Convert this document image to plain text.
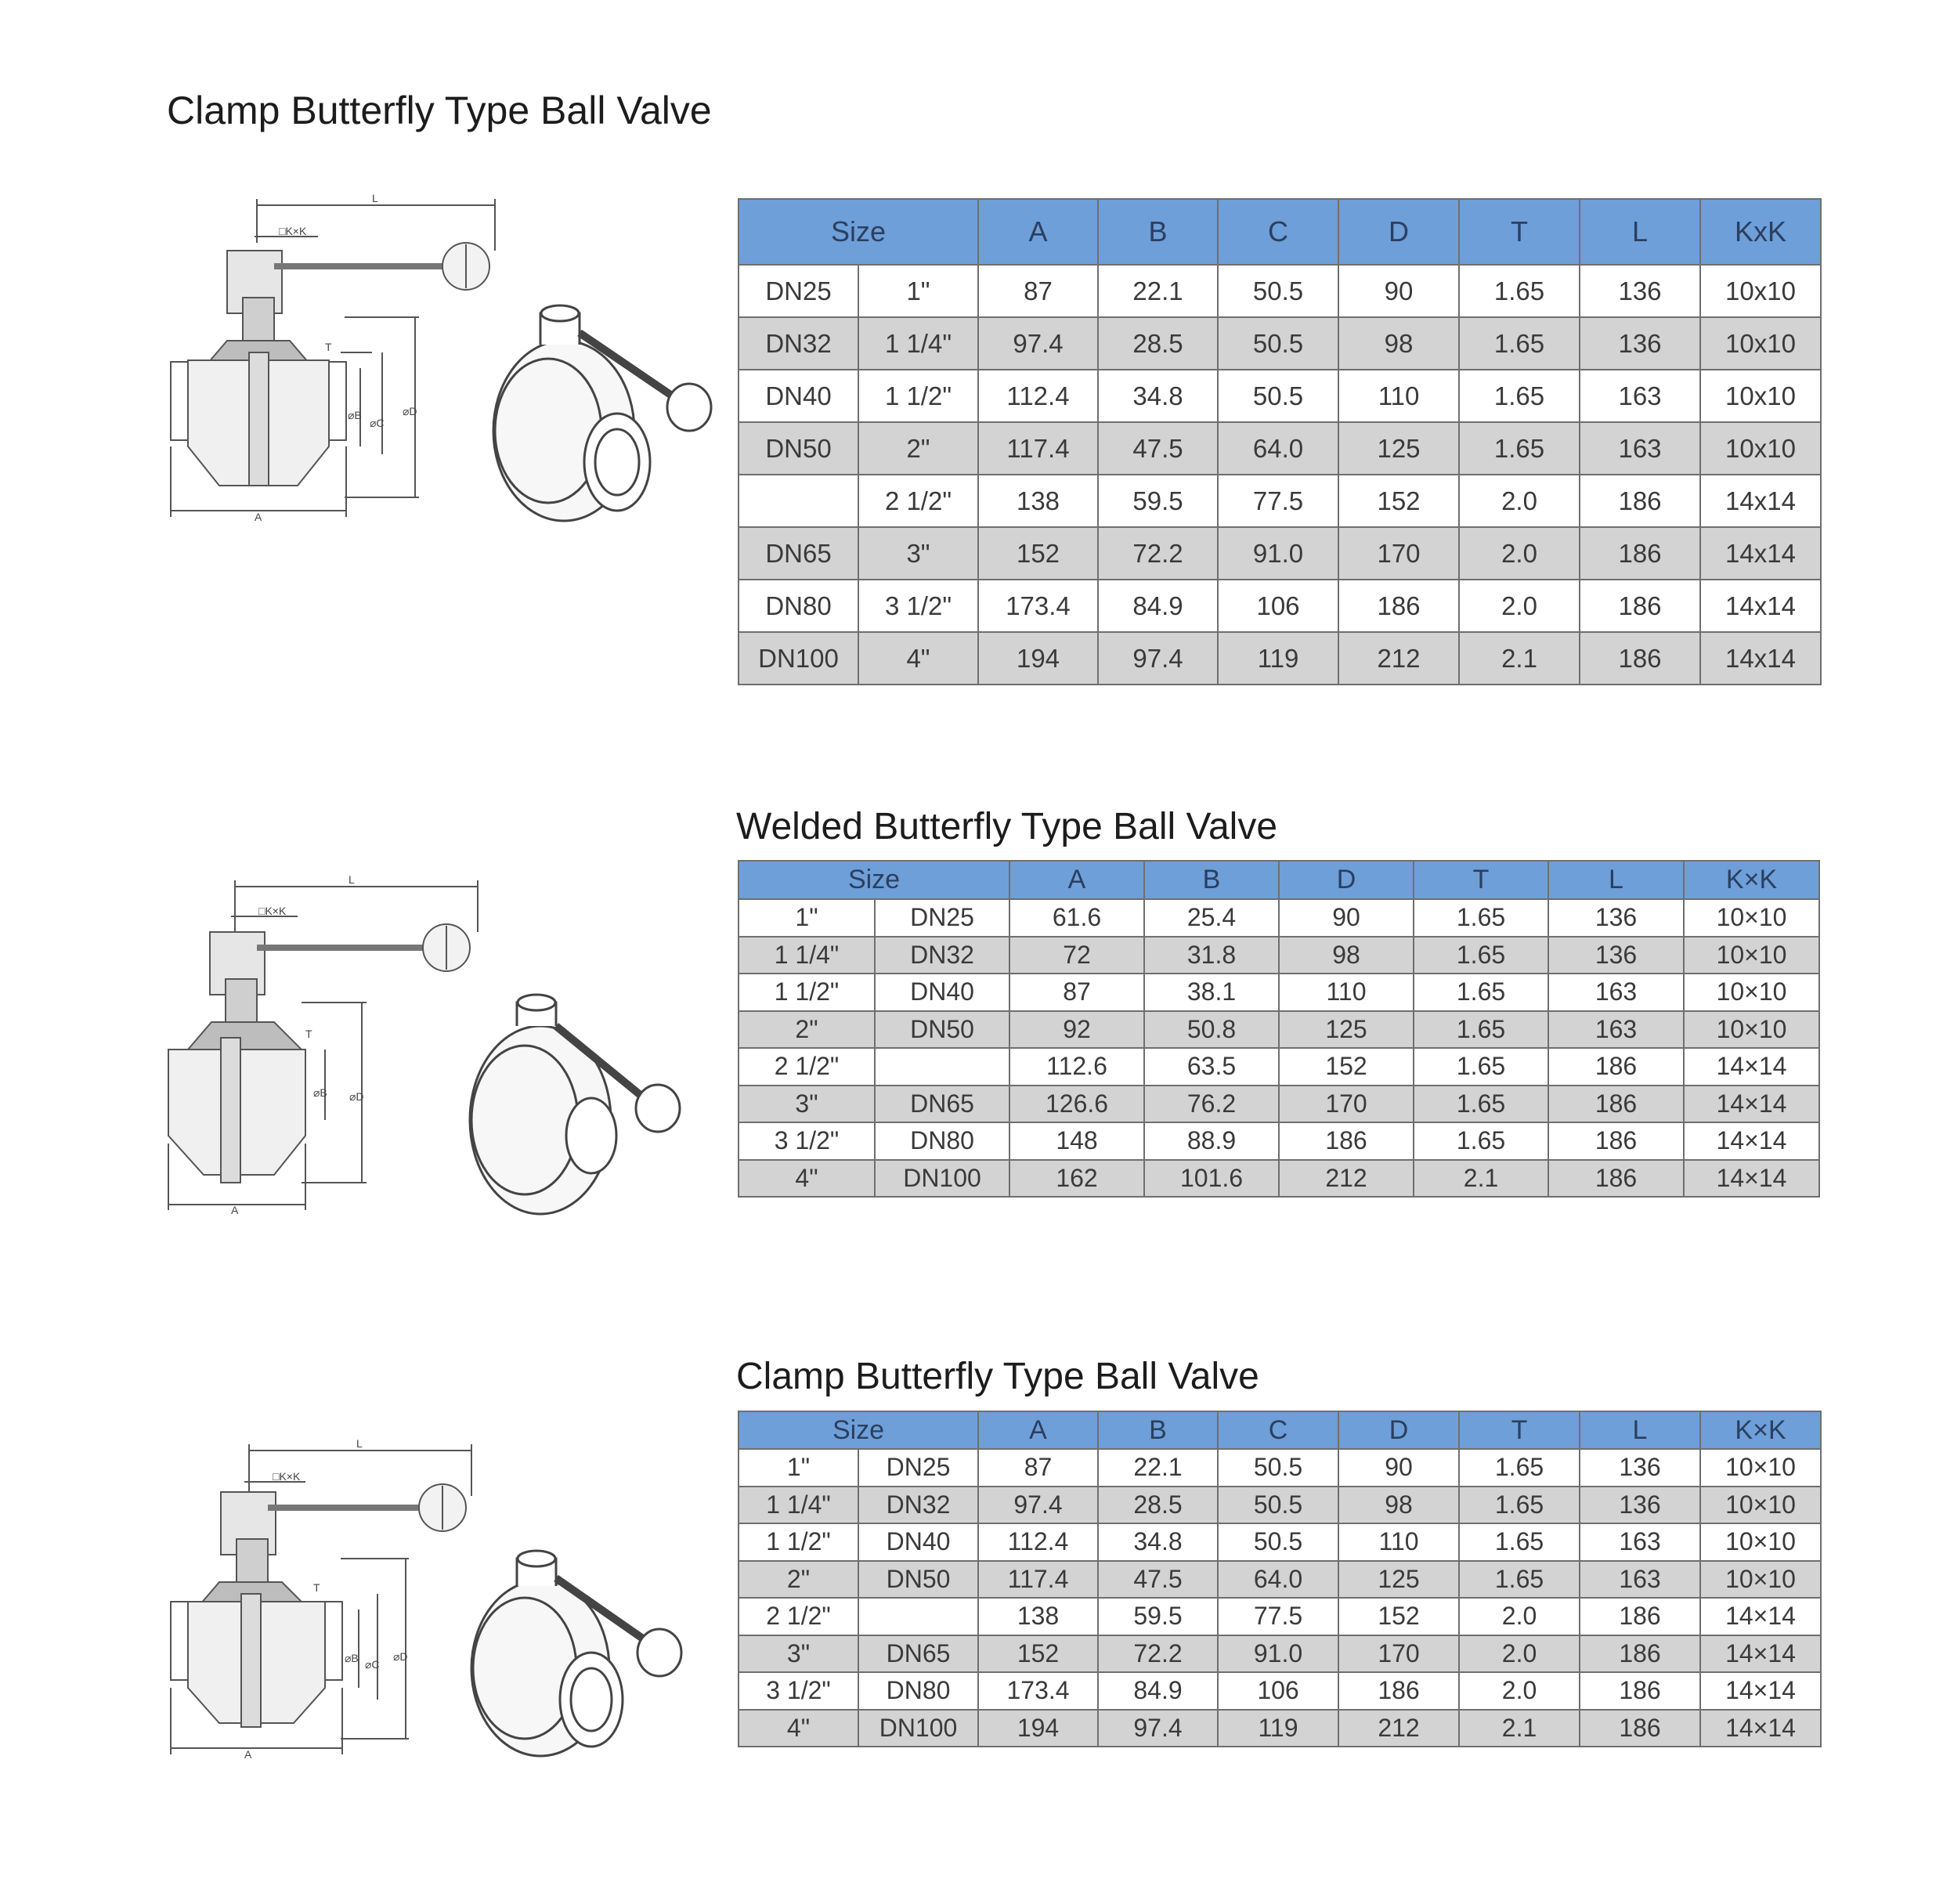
Clamp Butterfly Type Ball Valve
Welded Butterfly Type Ball Valve
Clamp Butterfly Type Ball Valve
L
□K×K
T
⌀B
⌀C
⌀D
A
L
□K×K
T
⌀B ⌀D
A
L
□K×K
T
⌀B ⌀C
⌀D
A
Size		A	B	C	D	T	L	KxK
DN25	1"	87	22.1	50.5	90	1.65	136	10x10
DN32	1 1/4"	97.4	28.5	50.5	98	1.65	136	10x10
DN40	1 1/2"	112.4	34.8	50.5	110	1.65	163	10x10
DN50	2"	117.4	47.5	64.0	125	1.65	163	10x10
	2 1/2"	138	59.5	77.5	152	2.0	186	14x14
DN65	3"	152	72.2	91.0	170	2.0	186	14x14
DN80	3 1/2"	173.4	84.9	106	186	2.0	186	14x14
DN100	4"	194	97.4	119	212	2.1	186	14x14
Size		A	B	D	T	L	K×K
1"	DN25	61.6	25.4	90	1.65	136	10×10
1 1/4"	DN32	72	31.8	98	1.65	136	10×10
1 1/2"	DN40	87	38.1	110	1.65	163	10×10
2"	DN50	92	50.8	125	1.65	163	10×10
2 1/2"		112.6	63.5	152	1.65	186	14×14
3"	DN65	126.6	76.2	170	1.65	186	14×14
3 1/2"	DN80	148	88.9	186	1.65	186	14×14
4"	DN100	162	101.6	212	2.1	186	14×14
Size		A	B	C	D	T	L	K×K
1"	DN25	87	22.1	50.5	90	1.65	136	10×10
1 1/4"	DN32	97.4	28.5	50.5	98	1.65	136	10×10
1 1/2"	DN40	112.4	34.8	50.5	110	1.65	163	10×10
2"	DN50	117.4	47.5	64.0	125	1.65	163	10×10
2 1/2"		138	59.5	77.5	152	2.0	186	14×14
3"	DN65	152	72.2	91.0	170	2.0	186	14×14
3 1/2"	DN80	173.4	84.9	106	186	2.0	186	14×14
4"	DN100	194	97.4	119	212	2.1	186	14×14
